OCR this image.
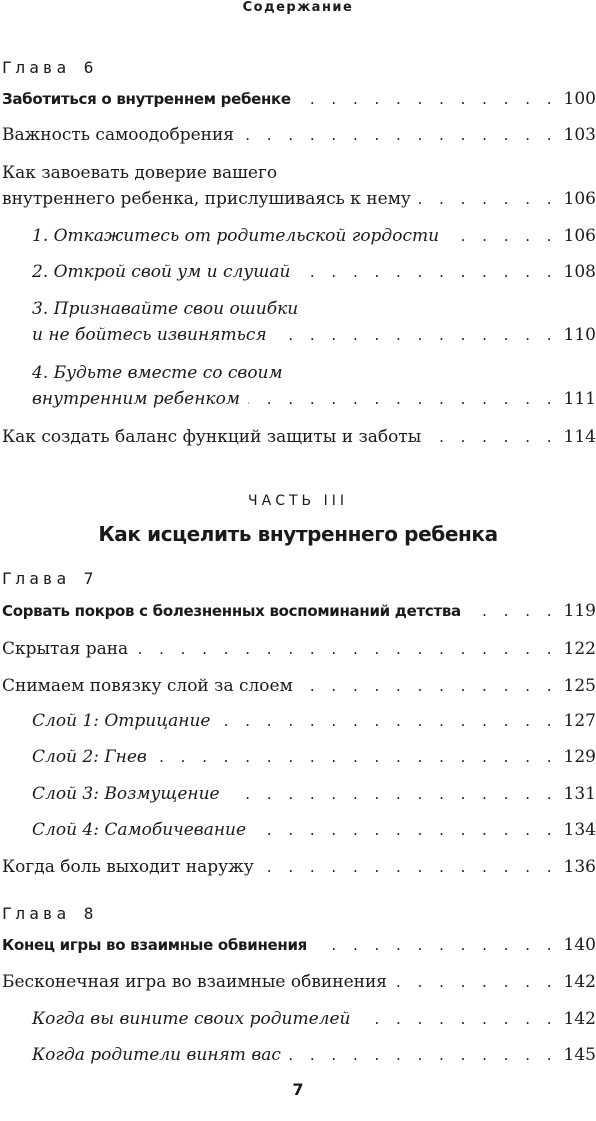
Содержание
Глава 6
Заботиться о внутреннем ребенке . . .	100
Важность самоодобрения . . .	103
Как завоевать доверие вашего
внутреннего ребенка, прислушиваясь к нему . . .	106
1. Откажитесь от родительской гордости . . .	106
2. Открой свой ум и слушай . . .	108
3. Признавайте свои ошибки
и не бойтесь извиняться . . .	110
4. Будьте вместе со своим
внутренним ребенком . . .	111
Как создать баланс функций защиты и заботы . . .	114
ЧАСТЬ III
Как исцелить внутреннего ребенка
Глава 7
Сорвать покров с болезненных воспоминаний детства . . .	119
Скрытая рана . . .	122
Снимаем повязку слой за слоем . . .	125
Слой 1: Отрицание . . .	127
Слой 2: Гнев . . .	129
Слой 3: Возмущение . . .	131
Слой 4: Самобичевание . . .	134
Когда боль выходит наружу . . .	136
Глава 8
Конец игры во взаимные обвинения . . .	140
Бесконечная игра во взаимные обвинения . . .	142
Когда вы вините своих родителей . . .	142
Когда родители винят вас . . .	145
7
